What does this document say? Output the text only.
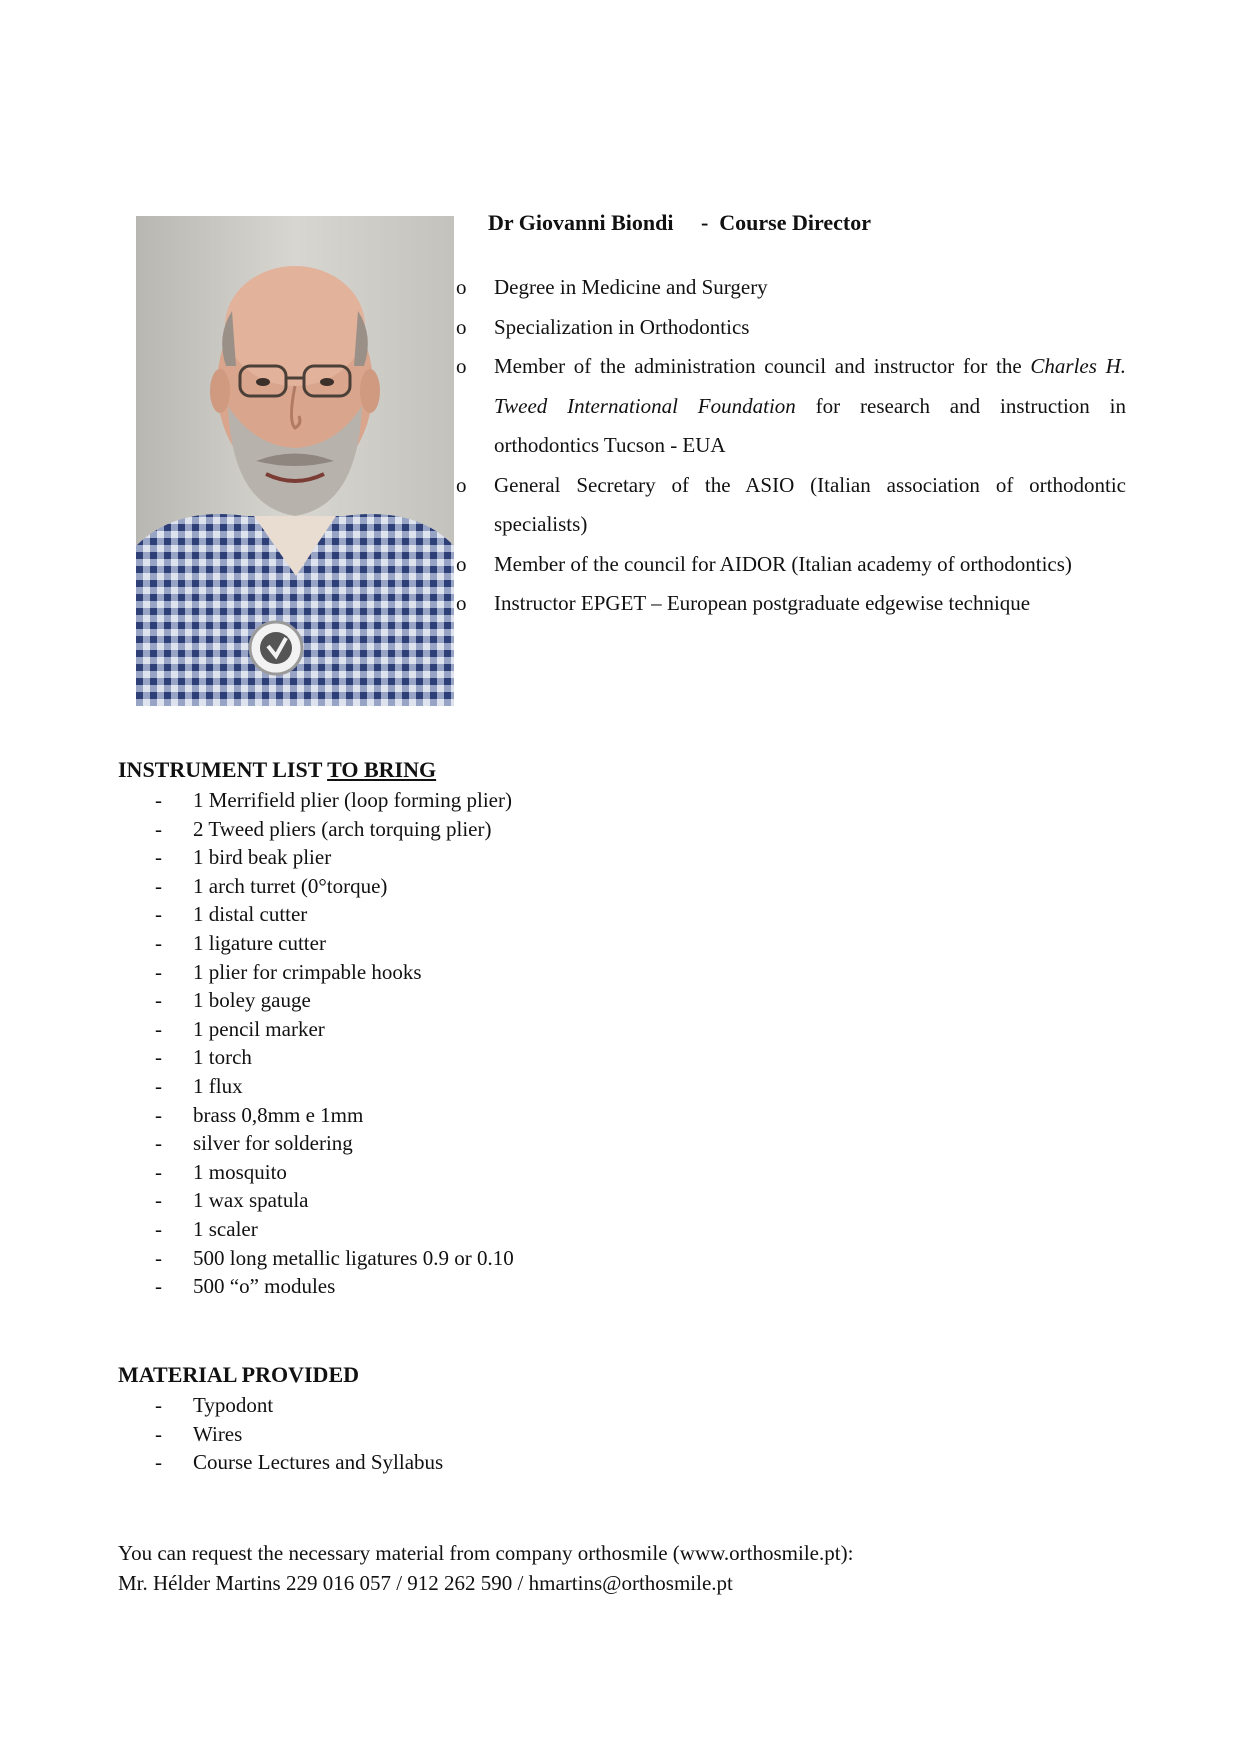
Dr Giovanni Biondi - Course Director
o Degree in Medicine and Surgery
o Specialization in Orthodontics
o Member of the administration council and instructor for the Charles H. Tweed International Foundation for research and instruction in orthodontics Tucson - EUA
o General Secretary of the ASIO (Italian association of orthodontic specialists)
o Member of the council for AIDOR (Italian academy of orthodontics)
o Instructor EPGET – European postgraduate edgewise technique
INSTRUMENT LIST TO BRING
- 1 Merrifield plier (loop forming plier)
- 2 Tweed pliers (arch torquing plier)
- 1 bird beak plier
- 1 arch turret (0°torque)
- 1 distal cutter
- 1 ligature cutter
- 1 plier for crimpable hooks
- 1 boley gauge
- 1 pencil marker
- 1 torch
- 1 flux
- brass 0,8mm e 1mm
- silver for soldering
- 1 mosquito
- 1 wax spatula
- 1 scaler
- 500 long metallic ligatures 0.9 or 0.10
- 500 “o” modules
MATERIAL PROVIDED
- Typodont
- Wires
- Course Lectures and Syllabus
You can request the necessary material from company orthosmile (www.orthosmile.pt):
Mr. Hélder Martins 229 016 057 / 912 262 590 / hmartins@orthosmile.pt
